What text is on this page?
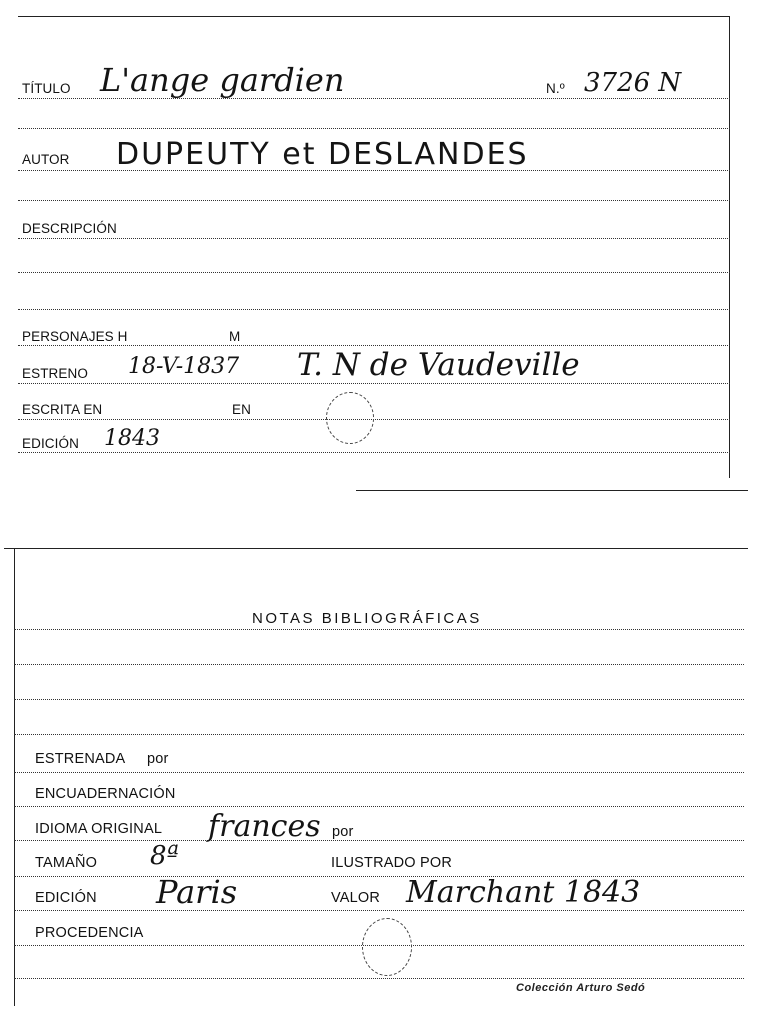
TÍTULO L'ange gardien	N.º 3726 N
AUTOR DUPEUTY et DESLANDES
DESCRIPCIÓN
PERSONAJES H	M
ESTRENO 18-V-1837 T. N de Vaudeville
ESCRITA EN	EN
EDICIÓN 1843
NOTAS BIBLIOGRÁFICAS
ESTRENADA por
ENCUADERNACIÓN
IDIOMA ORIGINAL frances por
TAMAÑO 8ª	ILUSTRADO POR
EDICIÓN Paris	VALOR Marchant 1843
PROCEDENCIA
Colección Arturo Sedó
